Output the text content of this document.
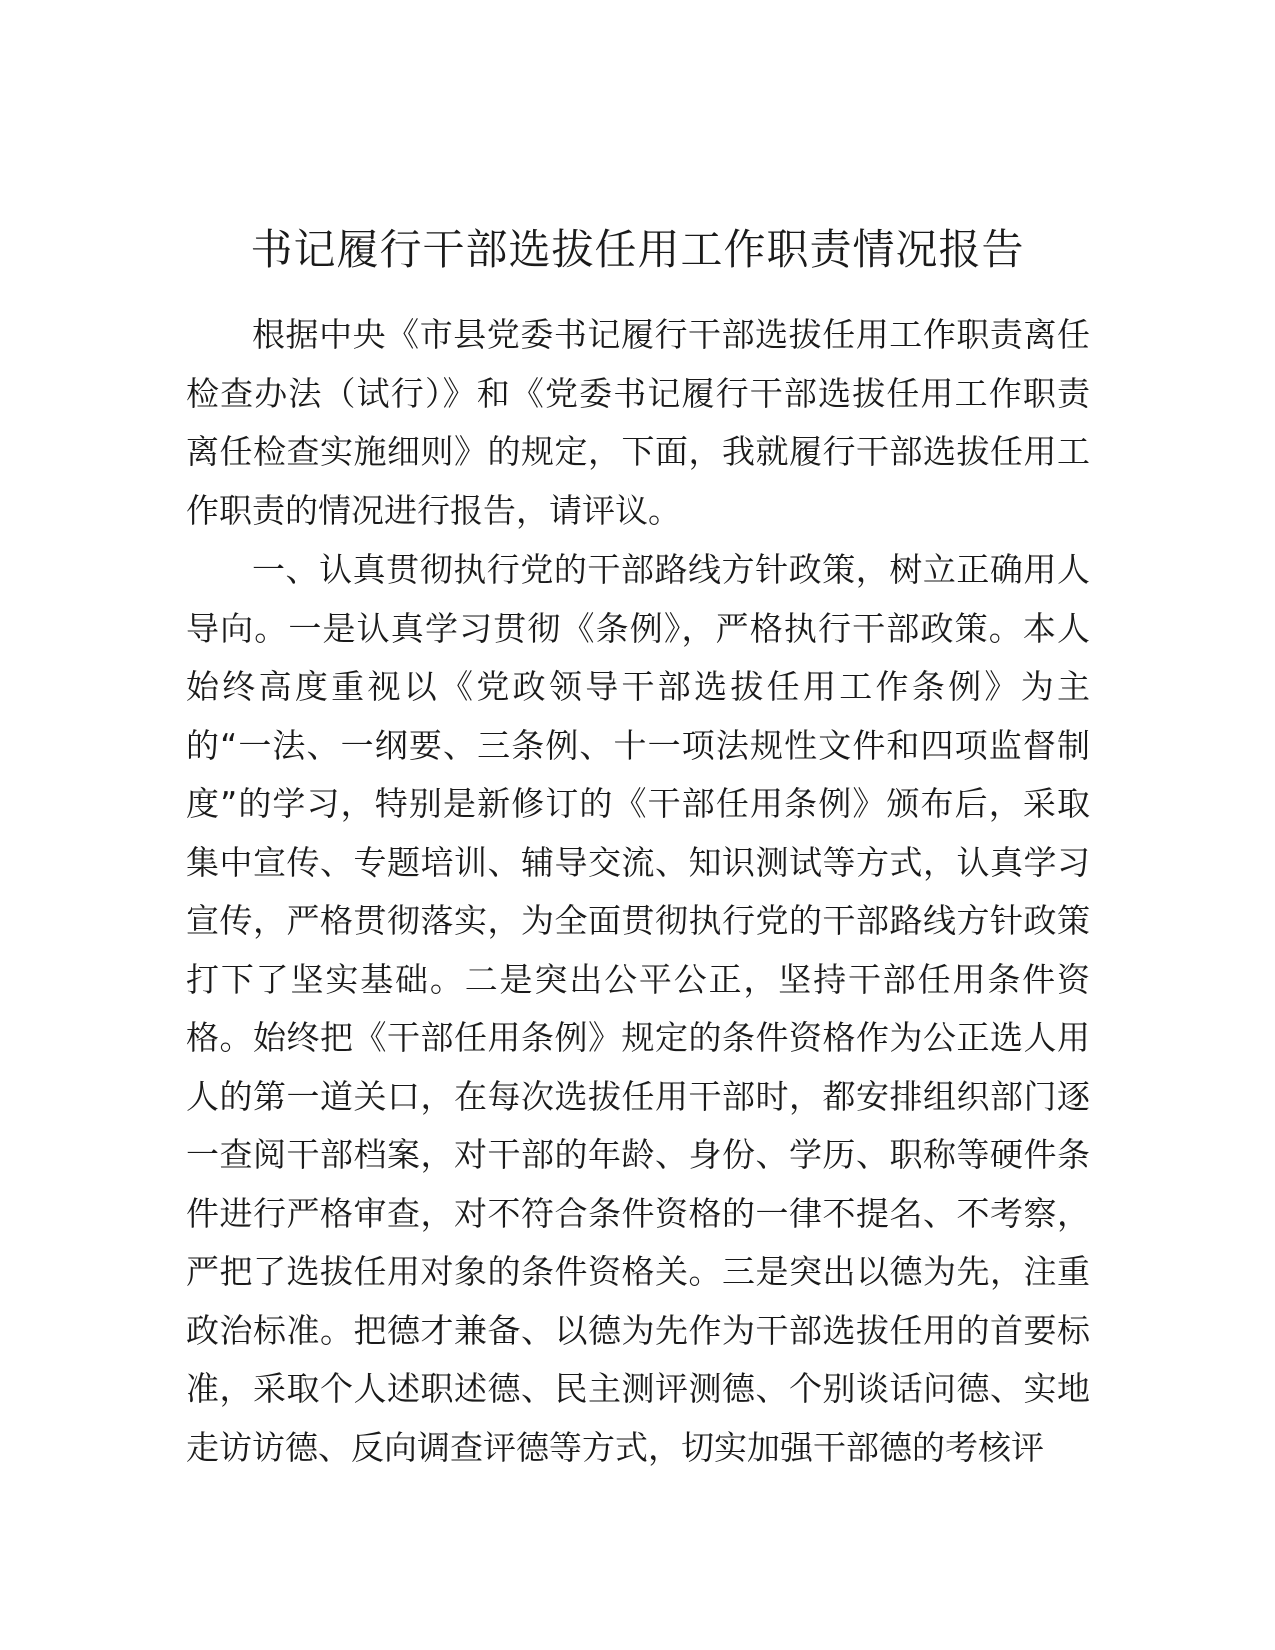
书记履行干部选拔任用工作职责情况报告

根据中央《市县党委书记履行干部选拔任用工作职责离任检查办法（试行）》和《党委书记履行干部选拔任用工作职责离任检查实施细则》的规定，下面，我就履行干部选拔任用工作职责的情况进行报告，请评议。

一、认真贯彻执行党的干部路线方针政策，树立正确用人导向。一是认真学习贯彻《条例》，严格执行干部政策。本人始终高度重视以《党政领导干部选拔任用工作条例》为主的“一法、一纲要、三条例、十一项法规性文件和四项监督制度”的学习，特别是新修订的《干部任用条例》颁布后，采取集中宣传、专题培训、辅导交流、知识测试等方式，认真学习宣传，严格贯彻落实，为全面贯彻执行党的干部路线方针政策打下了坚实基础。二是突出公平公正，坚持干部任用条件资格。始终把《干部任用条例》规定的条件资格作为公正选人用人的第一道关口，在每次选拔任用干部时，都安排组织部门逐一查阅干部档案，对干部的年龄、身份、学历、职称等硬件条件进行严格审查，对不符合条件资格的一律不提名、不考察，严把了选拔任用对象的条件资格关。三是突出以德为先，注重政治标准。把德才兼备、以德为先作为干部选拔任用的首要标准，采取个人述职述德、民主测评测德、个别谈话问德、实地走访访德、反向调查评德等方式，切实加强干部德的考核评
